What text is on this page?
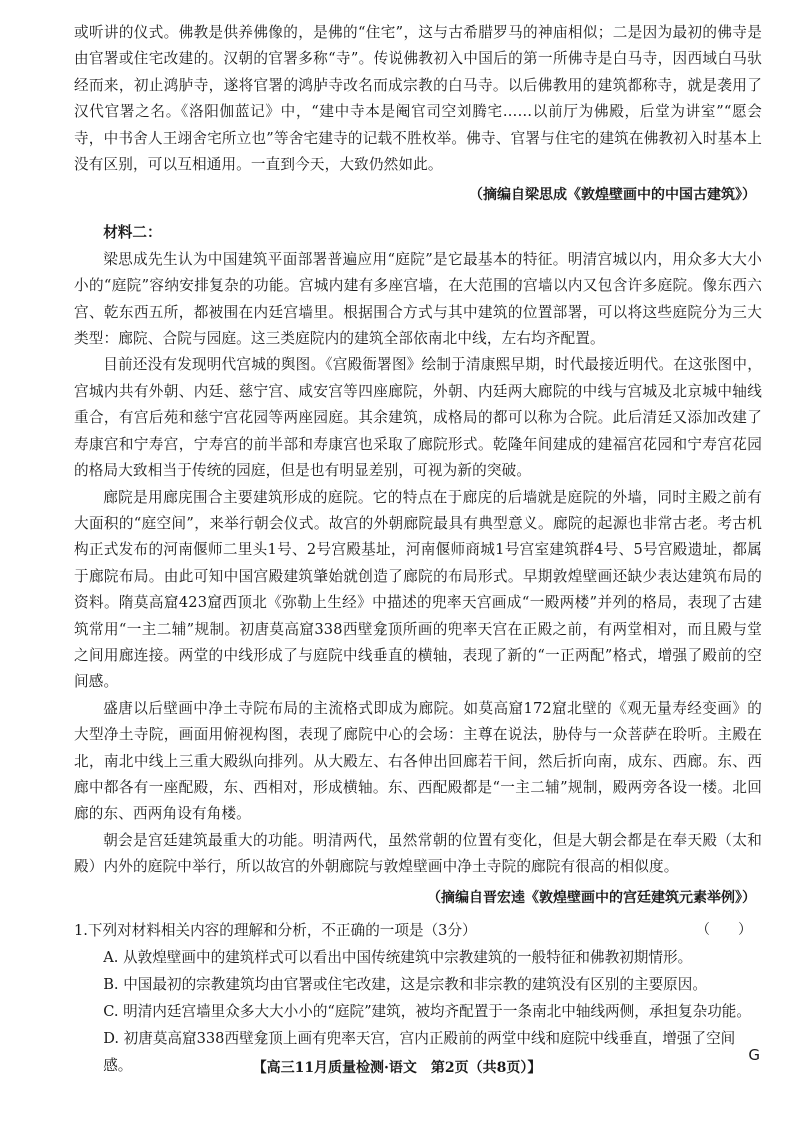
或听讲的仪式。佛教是供养佛像的，是佛的“住宅”，这与古希腊罗马的神庙相似；二是因为最初的佛寺是由官署或住宅改建的。汉朝的官署多称“寺”。传说佛教初入中国后的第一所佛寺是白马寺，因西域白马驮经而来，初止鸿胪寺，遂将官署的鸿胪寺改名而成宗教的白马寺。以后佛教用的建筑都称寺，就是袭用了汉代官署之名。《洛阳伽蓝记》中，“建中寺本是阉官司空刘腾宅……以前厅为佛殿，后堂为讲室”“愿会寺，中书舍人王翊舍宅所立也”等舍宅建寺的记载不胜枚举。佛寺、官署与住宅的建筑在佛教初入时基本上没有区别，可以互相通用。一直到今天，大致仍然如此。

（摘编自梁思成《敦煌壁画中的中国古建筑》）

材料二：

梁思成先生认为中国建筑平面部署普遍应用“庭院”是它最基本的特征。明清宫城以内，用众多大大小小的“庭院”容纳安排复杂的功能。宫城内建有多座宫墙，在大范围的宫墙以内又包含许多庭院。像东西六宫、乾东西五所，都被围在内廷宫墙里。根据围合方式与其中建筑的位置部署，可以将这些庭院分为三大类型：廊院、合院与园庭。这三类庭院内的建筑全部依南北中线，左右均齐配置。

目前还没有发现明代宫城的舆图。《宫殿衙署图》绘制于清康熙早期，时代最接近明代。在这张图中，宫城内共有外朝、内廷、慈宁宫、咸安宫等四座廊院，外朝、内廷两大廊院的中线与宫城及北京城中轴线重合，有宫后苑和慈宁宫花园等两座园庭。其余建筑，成格局的都可以称为合院。此后清廷又添加改建了寿康宫和宁寿宫，宁寿宫的前半部和寿康宫也采取了廊院形式。乾隆年间建成的建福宫花园和宁寿宫花园的格局大致相当于传统的园庭，但是也有明显差别，可视为新的突破。

廊院是用廊庑围合主要建筑形成的庭院。它的特点在于廊庑的后墙就是庭院的外墙，同时主殿之前有大面积的“庭空间”，来举行朝会仪式。故宫的外朝廊院最具有典型意义。廊院的起源也非常古老。考古机构正式发布的河南偃师二里头1号、2号宫殿基址，河南偃师商城1号宫室建筑群4号、5号宫殿遗址，都属于廊院布局。由此可知中国宫殿建筑肇始就创造了廊院的布局形式。早期敦煌壁画还缺少表达建筑布局的资料。隋莫高窟423窟西顶北《弥勒上生经》中描述的兜率天宫画成“一殿两楼”并列的格局，表现了古建筑常用“一主二辅”规制。初唐莫高窟338西壁龛顶所画的兜率天宫在正殿之前，有两堂相对，而且殿与堂之间用廊连接。两堂的中线形成了与庭院中线垂直的横轴，表现了新的“一正两配”格式，增强了殿前的空间感。

盛唐以后壁画中净土寺院布局的主流格式即成为廊院。如莫高窟172窟北壁的《观无量寿经变画》的大型净土寺院，画面用俯视构图，表现了廊院中心的会场：主尊在说法，胁侍与一众菩萨在聆听。主殿在北，南北中线上三重大殿纵向排列。从大殿左、右各伸出回廊若干间，然后折向南，成东、西廊。东、西廊中都各有一座配殿，东、西相对，形成横轴。东、西配殿都是“一主二辅”规制，殿两旁各设一楼。北回廊的东、西两角设有角楼。

朝会是宫廷建筑最重大的功能。明清两代，虽然常朝的位置有变化，但是大朝会都是在奉天殿（太和殿）内外的庭院中举行，所以故宫的外朝廊院与敦煌壁画中净土寺院的廊院有很高的相似度。

（摘编自晋宏逵《敦煌壁画中的宫廷建筑元素举例》）

1.下列对材料相关内容的理解和分析，不正确的一项是（3分）	（　　）

A. 从敦煌壁画中的建筑样式可以看出中国传统建筑中宗教建筑的一般特征和佛教初期情形。

B. 中国最初的宗教建筑均由官署或住宅改建，这是宗教和非宗教的建筑没有区别的主要原因。

C. 明清内廷宫墙里众多大大小小的“庭院”建筑，被均齐配置于一条南北中轴线两侧，承担复杂功能。

D. 初唐莫高窟338西壁龛顶上画有兜率天宫，宫内正殿前的两堂中线和庭院中线垂直，增强了空间感。

G
【高三11月质量检测·语文　第2页（共8页）】
